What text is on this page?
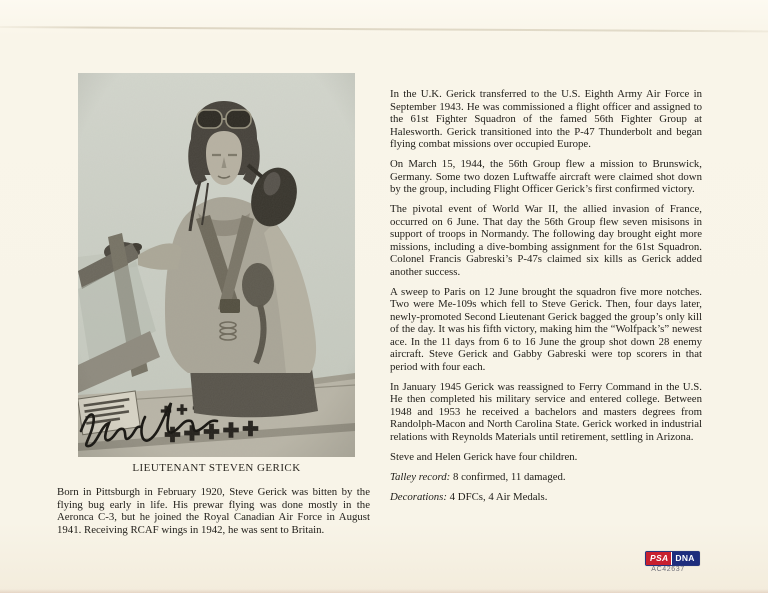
LIEUTENANT STEVEN GERICK

Born in Pittsburgh in February 1920, Steve Gerick was bitten by the flying bug early in life. His prewar flying was done mostly in the Aeronca C-3, but he joined the Royal Canadian Air Force in August 1941. Receiving RCAF wings in 1942, he was sent to Britain.

In the U.K. Gerick transferred to the U.S. Eighth Army Air Force in September 1943. He was commissioned a flight officer and assigned to the 61st Fighter Squadron of the famed 56th Fighter Group at Halesworth. Gerick transitioned into the P-47 Thunderbolt and began flying combat missions over occupied Europe.

On March 15, 1944, the 56th Group flew a mission to Brunswick, Germany. Some two dozen Luftwaffe aircraft were claimed shot down by the group, including Flight Officer Gerick’s first confirmed victory.

The pivotal event of World War II, the allied invasion of France, occurred on 6 June. That day the 56th Group flew seven misisons in support of troops in Normandy. The following day brought eight more missions, including a dive-bombing assignment for the 61st Squadron. Colonel Francis Gabreski’s P-47s claimed six kills as Gerick added another success.

A sweep to Paris on 12 June brought the squadron five more notches. Two were Me-109s which fell to Steve Gerick. Then, four days later, newly-promoted Second Lieutenant Gerick bagged the group’s only kill of the day. It was his fifth victory, making him the “Wolfpack’s” newest ace. In the 11 days from 6 to 16 June the group shot down 28 enemy aircraft. Steve Gerick and Gabby Gabreski were top scorers in that period with four each.

In January 1945 Gerick was reassigned to Ferry Command in the U.S. He then completed his military service and entered college. Between 1948 and 1953 he received a bachelors and masters degrees from Randolph-Macon and North Carolina State. Gerick worked in industrial relations with Reynolds Materials until retirement, settling in Arizona.

Steve and Helen Gerick have four children.

Talley record: 8 confirmed, 11 damaged.

Decorations: 4 DFCs, 4 Air Medals.

PSA DNA
AC42637
